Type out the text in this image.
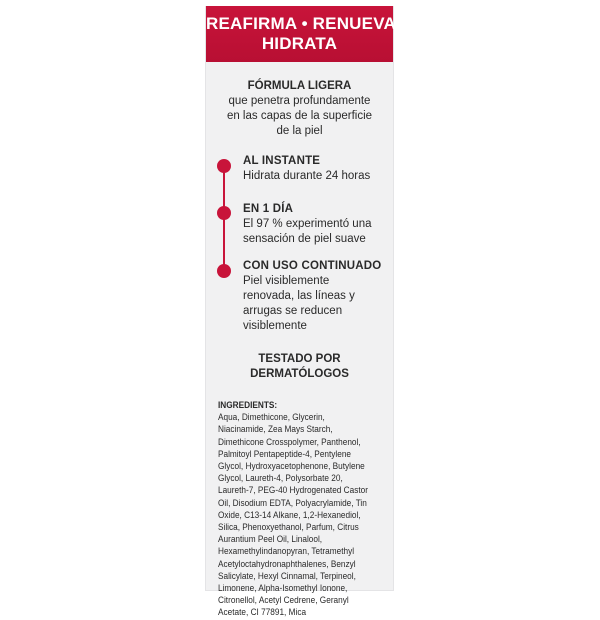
REAFIRMA • RENUEVA
HIDRATA
FÓRMULA LIGERA
que penetra profundamente
en las capas de la superficie
de la piel
AL INSTANTE
Hidrata durante 24 horas
EN 1 DÍA
El 97 % experimentó una
sensación de piel suave
CON USO CONTINUADO
Piel visiblemente
renovada, las líneas y
arrugas se reducen
visiblemente
TESTADO POR
DERMATÓLOGOS
INGREDIENTS:
Aqua, Dimethicone, Glycerin,
Niacinamide, Zea Mays Starch,
Dimethicone Crosspolymer, Panthenol,
Palmitoyl Pentapeptide-4, Pentylene
Glycol, Hydroxyacetophenone, Butylene
Glycol, Laureth-4, Polysorbate 20,
Laureth-7, PEG-40 Hydrogenated Castor
Oil, Disodium EDTA, Polyacrylamide, Tin
Oxide, C13-14 Alkane, 1,2-Hexanediol,
Silica, Phenoxyethanol, Parfum, Citrus
Aurantium Peel Oil, Linalool,
Hexamethylindanopyran, Tetramethyl
Acetyloctahydronaphthalenes, Benzyl
Salicylate, Hexyl Cinnamal, Terpineol,
Limonene, Alpha-Isomethyl Ionone,
Citronellol, Acetyl Cedrene, Geranyl
Acetate, CI 77891, Mica
